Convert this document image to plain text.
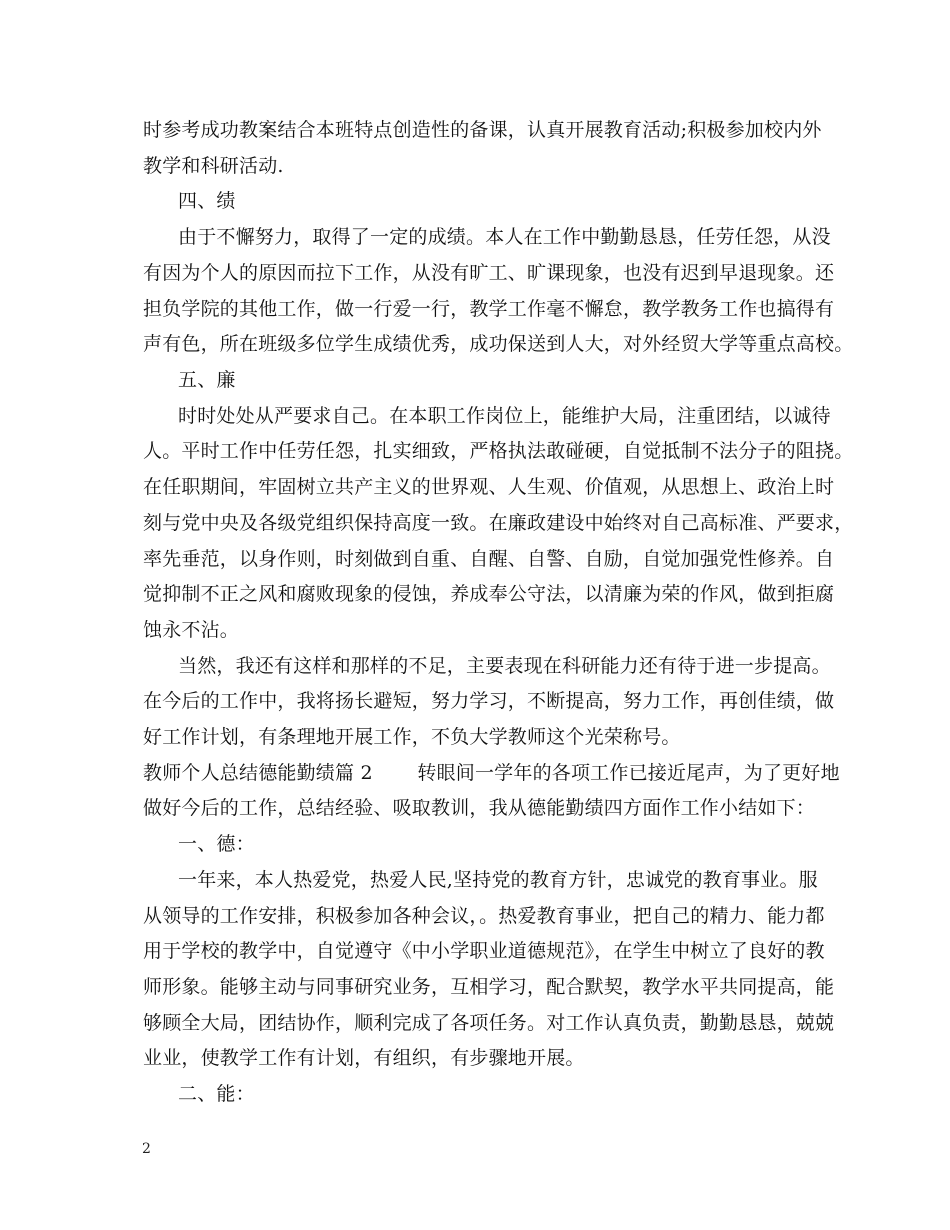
时参考成功教案结合本班特点创造性的备课，认真开展教育活动;积极参加校内外
教学和科研活动.
四、绩
由于不懈努力，取得了一定的成绩。本人在工作中勤勤恳恳，任劳任怨，从没
有因为个人的原因而拉下工作，从没有旷工、旷课现象，也没有迟到早退现象。还
担负学院的其他工作，做一行爱一行，教学工作毫不懈怠，教学教务工作也搞得有
声有色，所在班级多位学生成绩优秀，成功保送到人大，对外经贸大学等重点高校。
五、廉
时时处处从严要求自己。在本职工作岗位上，能维护大局，注重团结，以诚待
人。平时工作中任劳任怨，扎实细致，严格执法敢碰硬，自觉抵制不法分子的阻挠。
在任职期间，牢固树立共产主义的世界观、人生观、价值观，从思想上、政治上时
刻与党中央及各级党组织保持高度一致。在廉政建设中始终对自己高标准、严要求，
率先垂范，以身作则，时刻做到自重、自醒、自警、自励，自觉加强党性修养。自
觉抑制不正之风和腐败现象的侵蚀，养成奉公守法，以清廉为荣的作风，做到拒腐
蚀永不沾。
当然，我还有这样和那样的不足，主要表现在科研能力还有待于进一步提高。
在今后的工作中，我将扬长避短，努力学习，不断提高，努力工作，再创佳绩，做
好工作计划，有条理地开展工作，不负大学教师这个光荣称号。
教师个人总结德能勤绩篇 2　　 转眼间一学年的各项工作已接近尾声，为了更好地
做好今后的工作，总结经验、吸取教训，我从德能勤绩四方面作工作小结如下：
一、德：
一年来，本人热爱党，热爱人民,坚持党的教育方针，忠诚党的教育事业。服
从领导的工作安排，积极参加各种会议，。热爱教育事业，把自己的精力、能力都
用于学校的教学中，自觉遵守《中小学职业道德规范》，在学生中树立了良好的教
师形象。能够主动与同事研究业务，互相学习，配合默契，教学水平共同提高，能
够顾全大局，团结协作，顺利完成了各项任务。对工作认真负责，勤勤恳恳，兢兢
业业，使教学工作有计划，有组织，有步骤地开展。
二、能：
2
